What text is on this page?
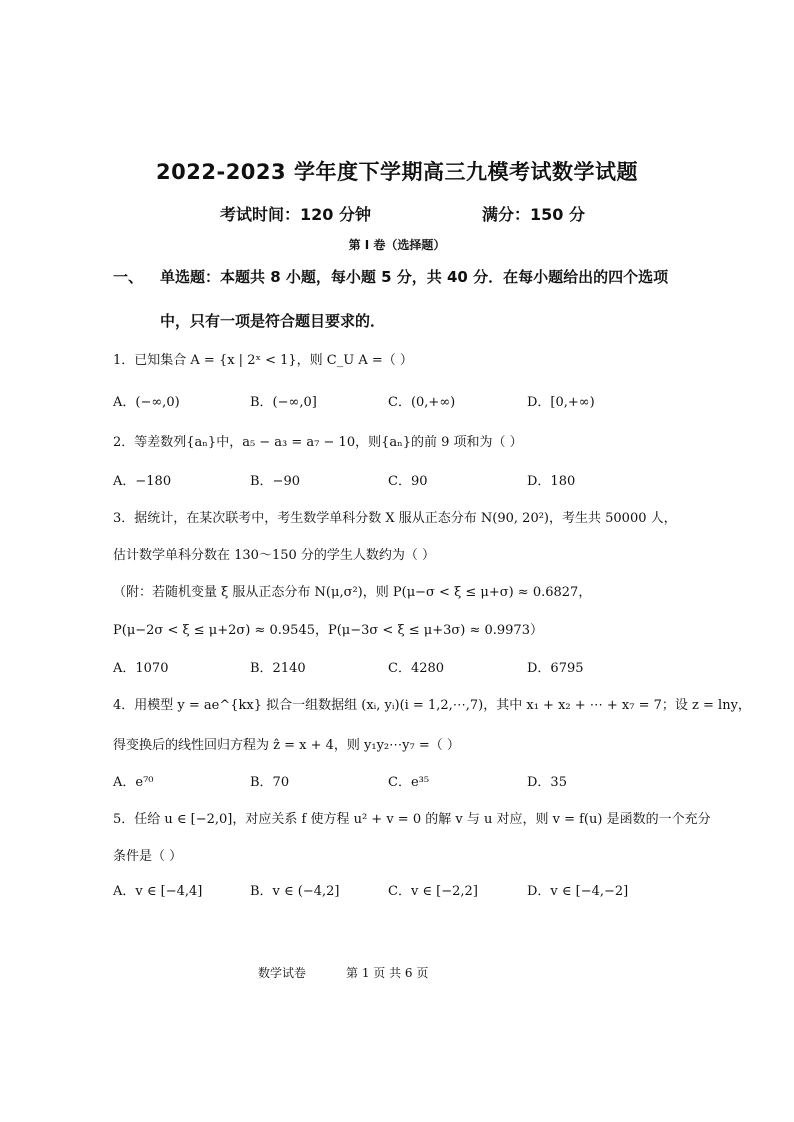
2022-2023 学年度下学期高三九模考试数学试题
考试时间：120 分钟	满分：150 分
第 I 卷（选择题）
一、 单选题：本题共 8 小题，每小题 5 分，共 40 分．在每小题给出的四个选项
中，只有一项是符合题目要求的．
1．已知集合 A = {x | 2ˣ < 1}，则 C_U A =（ ）
A．(−∞,0)	B．(−∞,0]	C．(0,+∞)	D．[0,+∞)
2．等差数列{aₙ}中，a₅ − a₃ = a₇ − 10，则{aₙ}的前 9 项和为（ ）
A．−180	B．−90	C．90	D．180
3．据统计，在某次联考中，考生数学单科分数 X 服从正态分布 N(90, 20²)，考生共 50000 人，
估计数学单科分数在 130～150 分的学生人数约为（ ）
（附：若随机变量 ξ 服从正态分布 N(μ,σ²)，则 P(μ−σ < ξ ≤ μ+σ) ≈ 0.6827，
P(μ−2σ < ξ ≤ μ+2σ) ≈ 0.9545，P(μ−3σ < ξ ≤ μ+3σ) ≈ 0.9973）
A．1070	B．2140	C．4280	D．6795
4．用模型 y = ae^{kx} 拟合一组数据组 (xᵢ, yᵢ)(i = 1,2,⋯,7)，其中 x₁ + x₂ + ⋯ + x₇ = 7；设 z = lny，
得变换后的线性回归方程为 ẑ = x + 4，则 y₁y₂⋯y₇ =（ ）
A．e⁷⁰	B．70	C．e³⁵	D．35
5．任给 u ∈ [−2,0]，对应关系 f 使方程 u² + v = 0 的解 v 与 u 对应，则 v = f(u) 是函数的一个充分
条件是（ ）
A．v ∈ [−4,4]	B．v ∈ (−4,2]	C．v ∈ [−2,2]	D．v ∈ [−4,−2]
数学试卷	第 1 页 共 6 页
